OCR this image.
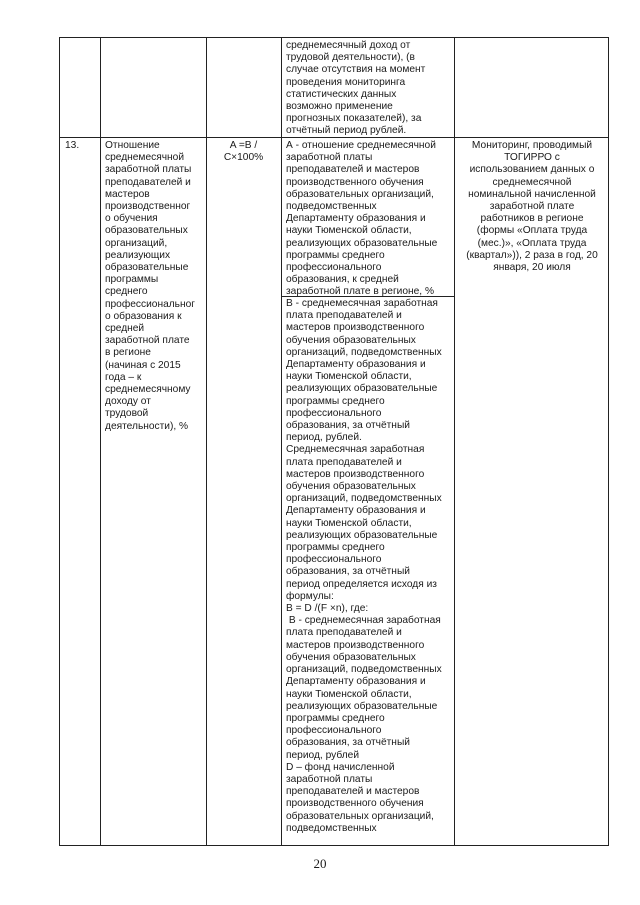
среднемесячный доход от
трудовой деятельности), (в
случае отсутствия на момент
проведения мониторинга
статистических данных
возможно применение
прогнозных показателей), за
отчётный период рублей.
13.	Отношение
среднемесячной
заработной платы
преподавателей и
мастеров
производственног
о обучения
образовательных
организаций,
реализующих
образовательные
программы
среднего
профессиональног
о образования к
средней
заработной плате
в регионе
(начиная с 2015
года – к
среднемесячному
доходу от
трудовой
деятельности), %
A =В /
С×100%
А - отношение среднемесячной
заработной платы
преподавателей и мастеров
производственного обучения
образовательных организаций,
подведомственных
Департаменту образования и
науки Тюменской области,
реализующих образовательные
программы среднего
профессионального
образования, к средней
заработной плате в регионе, %
В - среднемесячная заработная
плата преподавателей и
мастеров производственного
обучения образовательных
организаций, подведомственных
Департаменту образования и
науки Тюменской области,
реализующих образовательные
программы среднего
профессионального
образования, за отчётный
период, рублей.
Среднемесячная заработная
плата преподавателей и
мастеров производственного
обучения образовательных
организаций, подведомственных
Департаменту образования и
науки Тюменской области,
реализующих образовательные
программы среднего
профессионального
образования, за отчётный
период определяется исходя из
формулы:
В = D /(F ×n), где:
В - среднемесячная заработная
плата преподавателей и
мастеров производственного
обучения образовательных
организаций, подведомственных
Департаменту образования и
науки Тюменской области,
реализующих образовательные
программы среднего
профессионального
образования, за отчётный
период, рублей
D – фонд начисленной
заработной платы
преподавателей и мастеров
производственного обучения
образовательных организаций,
подведомственных
Мониторинг, проводимый
ТОГИРРО с
использованием данных о
среднемесячной
номинальной начисленной
заработной плате
работников в регионе
(формы «Оплата труда
(мес.)», «Оплата труда
(квартал»)), 2 раза в год, 20
января, 20 июля
20
